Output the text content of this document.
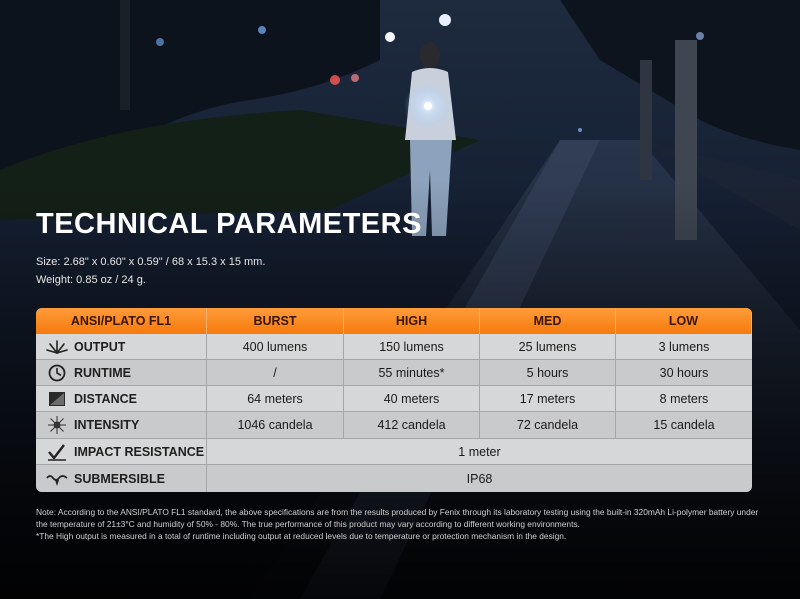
TECHNICAL PARAMETERS
Size: 2.68" x 0.60" x 0.59" / 68 x 15.3 x 15 mm.
Weight: 0.85 oz / 24 g.
ANSI/PLATO FL1	BURST	HIGH	MED	LOW
OUTPUT	400 lumens	150 lumens	25 lumens	3 lumens
RUNTIME	/	55 minutes*	5 hours	30 hours
DISTANCE	64 meters	40 meters	17 meters	8 meters
INTENSITY	1046 candela	412 candela	72 candela	15 candela
IMPACT RESISTANCE	1 meter
SUBMERSIBLE	IP68

Note: According to the ANSI/PLATO FL1 standard, the above specifications are from the results produced by Fenix through its laboratory testing using the built-in 320mAh Li-polymer battery under the temperature of 21±3°C and humidity of 50% - 80%. The true performance of this product may vary according to different working environments.

*The High output is measured in a total of runtime including output at reduced levels due to temperature or protection mechanism in the design.
